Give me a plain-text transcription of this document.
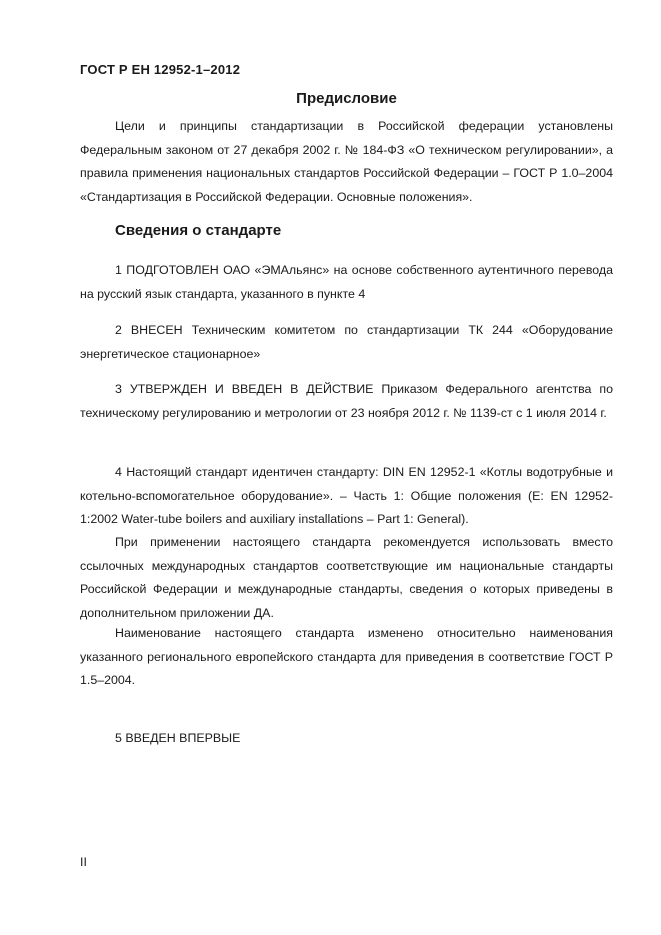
ГОСТ Р ЕН 12952-1–2012
Предисловие
Цели и принципы стандартизации в Российской федерации установлены Федеральным законом от 27 декабря 2002 г. № 184-ФЗ «О техническом регулировании», а правила применения национальных стандартов Российской Федерации – ГОСТ Р 1.0–2004 «Стандартизация в Российской Федерации. Основные положения».
Сведения о стандарте
1 ПОДГОТОВЛЕН ОАО «ЭМАльянс» на основе собственного аутентичного перевода на русский язык стандарта, указанного в пункте 4
2 ВНЕСЕН Техническим комитетом по стандартизации ТК 244 «Оборудование энергетическое стационарное»
3 УТВЕРЖДЕН И ВВЕДЕН В ДЕЙСТВИЕ Приказом Федерального агентства по техническому регулированию и метрологии от 23 ноября 2012 г. № 1139-ст с 1 июля 2014 г.
4 Настоящий стандарт идентичен стандарту: DIN EN 12952-1 «Котлы водотрубные и котельно-вспомогательное оборудование». – Часть 1: Общие положения (E: EN 12952-1:2002 Water-tube boilers and auxiliary installations – Part 1: General).
При применении настоящего стандарта рекомендуется использовать вместо ссылочных международных стандартов соответствующие им национальные стандарты Российской Федерации и международные стандарты, сведения о которых приведены в дополнительном приложении ДА.
Наименование настоящего стандарта изменено относительно наименования указанного регионального европейского стандарта для приведения в соответствие ГОСТ Р 1.5–2004.
5 ВВЕДЕН ВПЕРВЫЕ
II
